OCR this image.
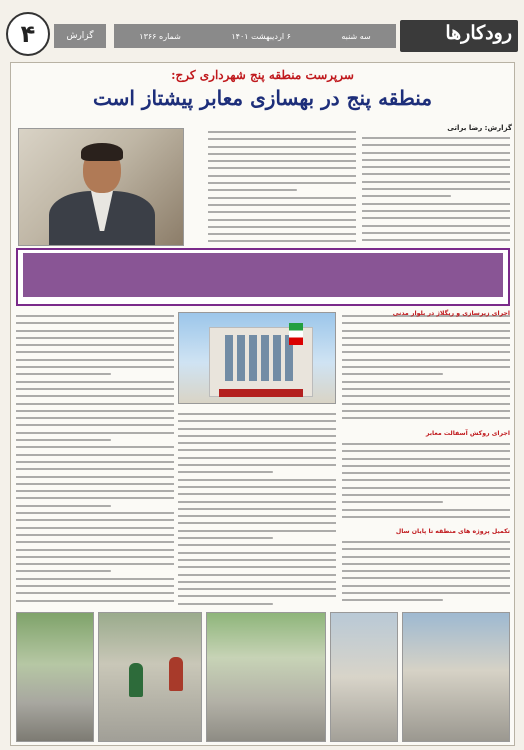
رودکارها
سه شنبه
۶ اردیبهشت ۱۴۰۱
شماره ۱۳۶۶
گزارش
۴
سرپرست منطقه پنج شهرداری کرج:
منطقه پنج در بهسازی معابر پیشتاز است
گزارش: رضا براتی
اجرای زیرسازی و ریگلاژ در بلوار مدنی
اجرای روکش آسفالت معابر
تکمیل پروژه های منطقه تا پایان سال
